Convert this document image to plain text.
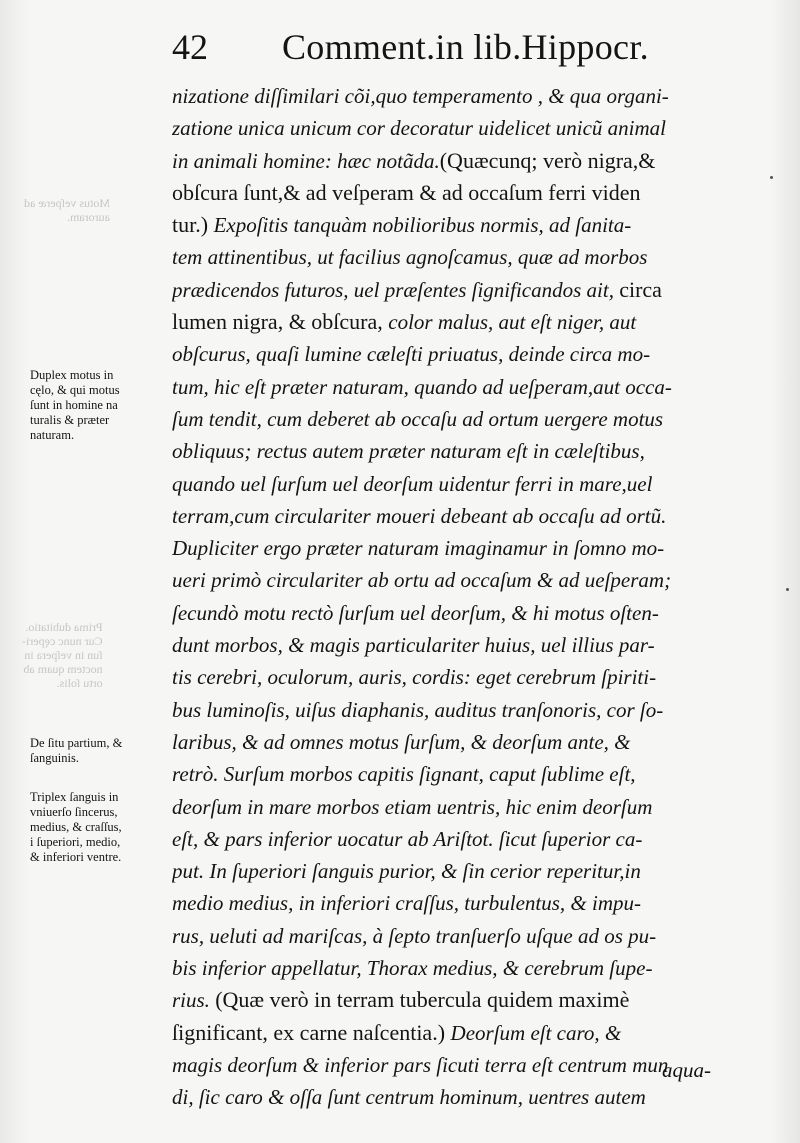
Motus veſperæ ad
auroram.
Prima dubitatio.
Cur nunc cęperi-
ſun in veſpera in
noctem quam ab
ortu ſolis.
42 Comment.in lib.Hippocr.
nizatione diſſimilari cõi,quo temperamento , & qua organi-
zatione unica unicum cor decoratur uidelicet unicũ animal
in animali homine: hæc notãda.(Quæcunq; verò nigra,&
obſcura ſunt,& ad veſperam & ad occaſum ferri viden
tur.) Expoſitis tanquàm nobilioribus normis, ad ſanita-
tem attinentibus, ut facilius agnoſcamus, quæ ad morbos
prædicendos futuros, uel præſentes ſignificandos ait, circa
lumen nigra, & obſcura, color malus, aut eſt niger, aut
obſcurus, quaſi lumine cæleſti priuatus, deinde circa mo-
tum, hic eſt præter naturam, quando ad ueſperam,aut occa-
ſum tendit, cum deberet ab occaſu ad ortum uergere motus
obliquus; rectus autem præter naturam eſt in cæleſtibus,
quando uel ſurſum uel deorſum uidentur ferri in mare,uel
terram,cum circulariter moueri debeant ab occaſu ad ortũ.
Dupliciter ergo præter naturam imaginamur in ſomno mo-
ueri primò circulariter ab ortu ad occaſum & ad ueſperam;
ſecundò motu rectò ſurſum uel deorſum, & hi motus oſten-
dunt morbos, & magis particulariter huius, uel illius par-
tis cerebri, oculorum, auris, cordis: eget cerebrum ſpiriti-
bus luminoſis, uiſus diaphanis, auditus tranſonoris, cor ſo-
laribus, & ad omnes motus ſurſum, & deorſum ante, &
retrò. Surſum morbos capitis ſignant, caput ſublime eſt,
deorſum in mare morbos etiam uentris, hic enim deorſum
eſt, & pars inferior uocatur ab Ariſtot. ſicut ſuperior ca-
put. In ſuperiori ſanguis purior, & ſin cerior reperitur,in
medio medius, in inferiori craſſus, turbulentus, & impu-
rus, ueluti ad mariſcas, à ſepto tranſuerſo uſque ad os pu-
bis inferior appellatur, Thorax medius, & cerebrum ſupe-
rius. (Quæ verò in terram tubercula quidem maximè
ſignificant, ex carne naſcentia.) Deorſum eſt caro, &
magis deorſum & inferior pars ſicuti terra eſt centrum mun
di, ſic caro & oſſa ſunt centrum hominum, uentres autem
aqua-
Duplex motus in
cęlo, & qui motus
ſunt in homine na
turalis & præter
naturam.
De ſitu partium, &
ſanguinis.
Triplex ſanguis in
vniuerſo ſincerus,
medius, & craſſus,
i ſuperiori, medio,
& inferiori ventre.
